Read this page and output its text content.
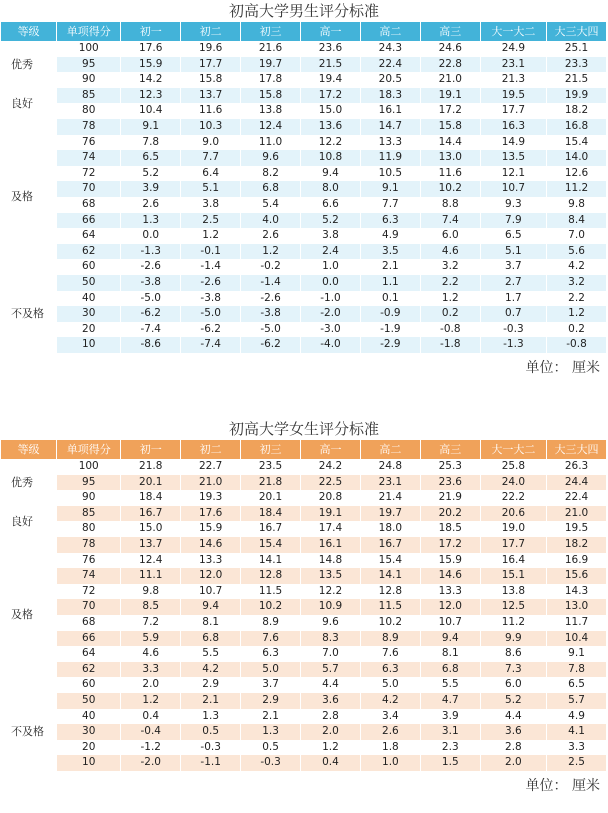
初高大学男生评分标准
等级	单项得分	初一	初二	初三	高一	高二	高三	大一大二	大三大四
优秀	100	17.6	19.6	21.6	23.6	24.3	24.6	24.9	25.1
	95	15.9	17.7	19.7	21.5	22.4	22.8	23.1	23.3
	90	14.2	15.8	17.8	19.4	20.5	21.0	21.3	21.5
良好	85	12.3	13.7	15.8	17.2	18.3	19.1	19.5	19.9
	80	10.4	11.6	13.8	15.0	16.1	17.2	17.7	18.2
及格	78	9.1	10.3	12.4	13.6	14.7	15.8	16.3	16.8
	76	7.8	9.0	11.0	12.2	13.3	14.4	14.9	15.4
	74	6.5	7.7	9.6	10.8	11.9	13.0	13.5	14.0
	72	5.2	6.4	8.2	9.4	10.5	11.6	12.1	12.6
	70	3.9	5.1	6.8	8.0	9.1	10.2	10.7	11.2
	68	2.6	3.8	5.4	6.6	7.7	8.8	9.3	9.8
	66	1.3	2.5	4.0	5.2	6.3	7.4	7.9	8.4
	64	0.0	1.2	2.6	3.8	4.9	6.0	6.5	7.0
	62	-1.3	-0.1	1.2	2.4	3.5	4.6	5.1	5.6
	60	-2.6	-1.4	-0.2	1.0	2.1	3.2	3.7	4.2
不及格	50	-3.8	-2.6	-1.4	0.0	1.1	2.2	2.7	3.2
	40	-5.0	-3.8	-2.6	-1.0	0.1	1.2	1.7	2.2
	30	-6.2	-5.0	-3.8	-2.0	-0.9	0.2	0.7	1.2
	20	-7.4	-6.2	-5.0	-3.0	-1.9	-0.8	-0.3	0.2
	10	-8.6	-7.4	-6.2	-4.0	-2.9	-1.8	-1.3	-0.8
单位： 厘米
初高大学女生评分标准
等级	单项得分	初一	初二	初三	高一	高二	高三	大一大二	大三大四
优秀	100	21.8	22.7	23.5	24.2	24.8	25.3	25.8	26.3
	95	20.1	21.0	21.8	22.5	23.1	23.6	24.0	24.4
	90	18.4	19.3	20.1	20.8	21.4	21.9	22.2	22.4
良好	85	16.7	17.6	18.4	19.1	19.7	20.2	20.6	21.0
	80	15.0	15.9	16.7	17.4	18.0	18.5	19.0	19.5
及格	78	13.7	14.6	15.4	16.1	16.7	17.2	17.7	18.2
	76	12.4	13.3	14.1	14.8	15.4	15.9	16.4	16.9
	74	11.1	12.0	12.8	13.5	14.1	14.6	15.1	15.6
	72	9.8	10.7	11.5	12.2	12.8	13.3	13.8	14.3
	70	8.5	9.4	10.2	10.9	11.5	12.0	12.5	13.0
	68	7.2	8.1	8.9	9.6	10.2	10.7	11.2	11.7
	66	5.9	6.8	7.6	8.3	8.9	9.4	9.9	10.4
	64	4.6	5.5	6.3	7.0	7.6	8.1	8.6	9.1
	62	3.3	4.2	5.0	5.7	6.3	6.8	7.3	7.8
	60	2.0	2.9	3.7	4.4	5.0	5.5	6.0	6.5
不及格	50	1.2	2.1	2.9	3.6	4.2	4.7	5.2	5.7
	40	0.4	1.3	2.1	2.8	3.4	3.9	4.4	4.9
	30	-0.4	0.5	1.3	2.0	2.6	3.1	3.6	4.1
	20	-1.2	-0.3	0.5	1.2	1.8	2.3	2.8	3.3
	10	-2.0	-1.1	-0.3	0.4	1.0	1.5	2.0	2.5
单位： 厘米
